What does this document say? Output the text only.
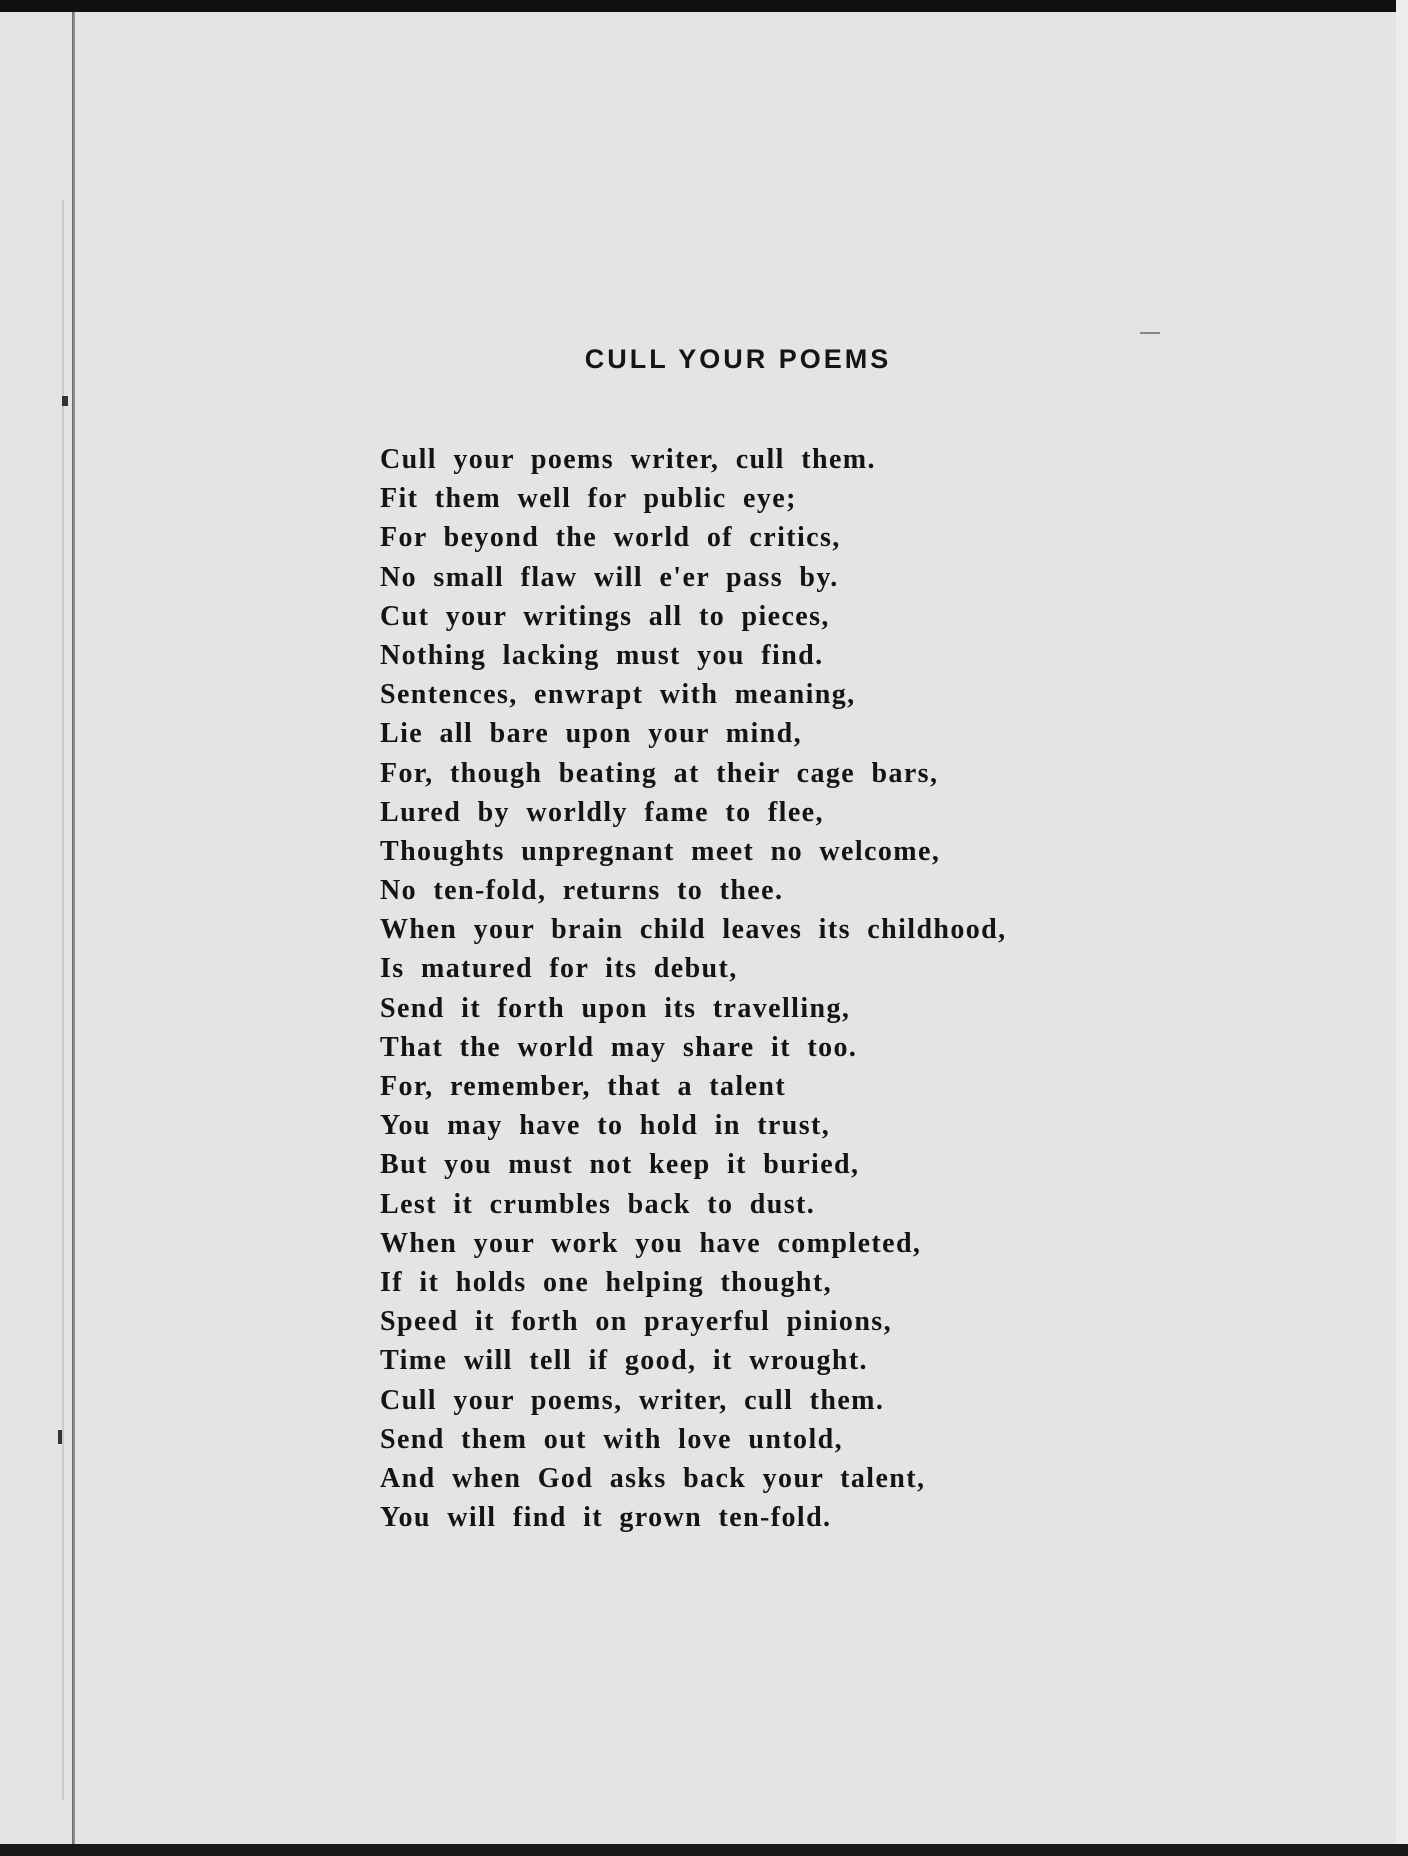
CULL YOUR POEMS
Cull your poems writer, cull them.
Fit them well for public eye;
For beyond the world of critics,
No small flaw will e'er pass by.
Cut your writings all to pieces,
Nothing lacking must you find.
Sentences, enwrapt with meaning,
Lie all bare upon your mind,
For, though beating at their cage bars,
Lured by worldly fame to flee,
Thoughts unpregnant meet no welcome,
No ten-fold, returns to thee.
When your brain child leaves its childhood,
Is matured for its debut,
Send it forth upon its travelling,
That the world may share it too.
For, remember, that a talent
You may have to hold in trust,
But you must not keep it buried,
Lest it crumbles back to dust.
When your work you have completed,
If it holds one helping thought,
Speed it forth on prayerful pinions,
Time will tell if good, it wrought.
Cull your poems, writer, cull them.
Send them out with love untold,
And when God asks back your talent,
You will find it grown ten-fold.
